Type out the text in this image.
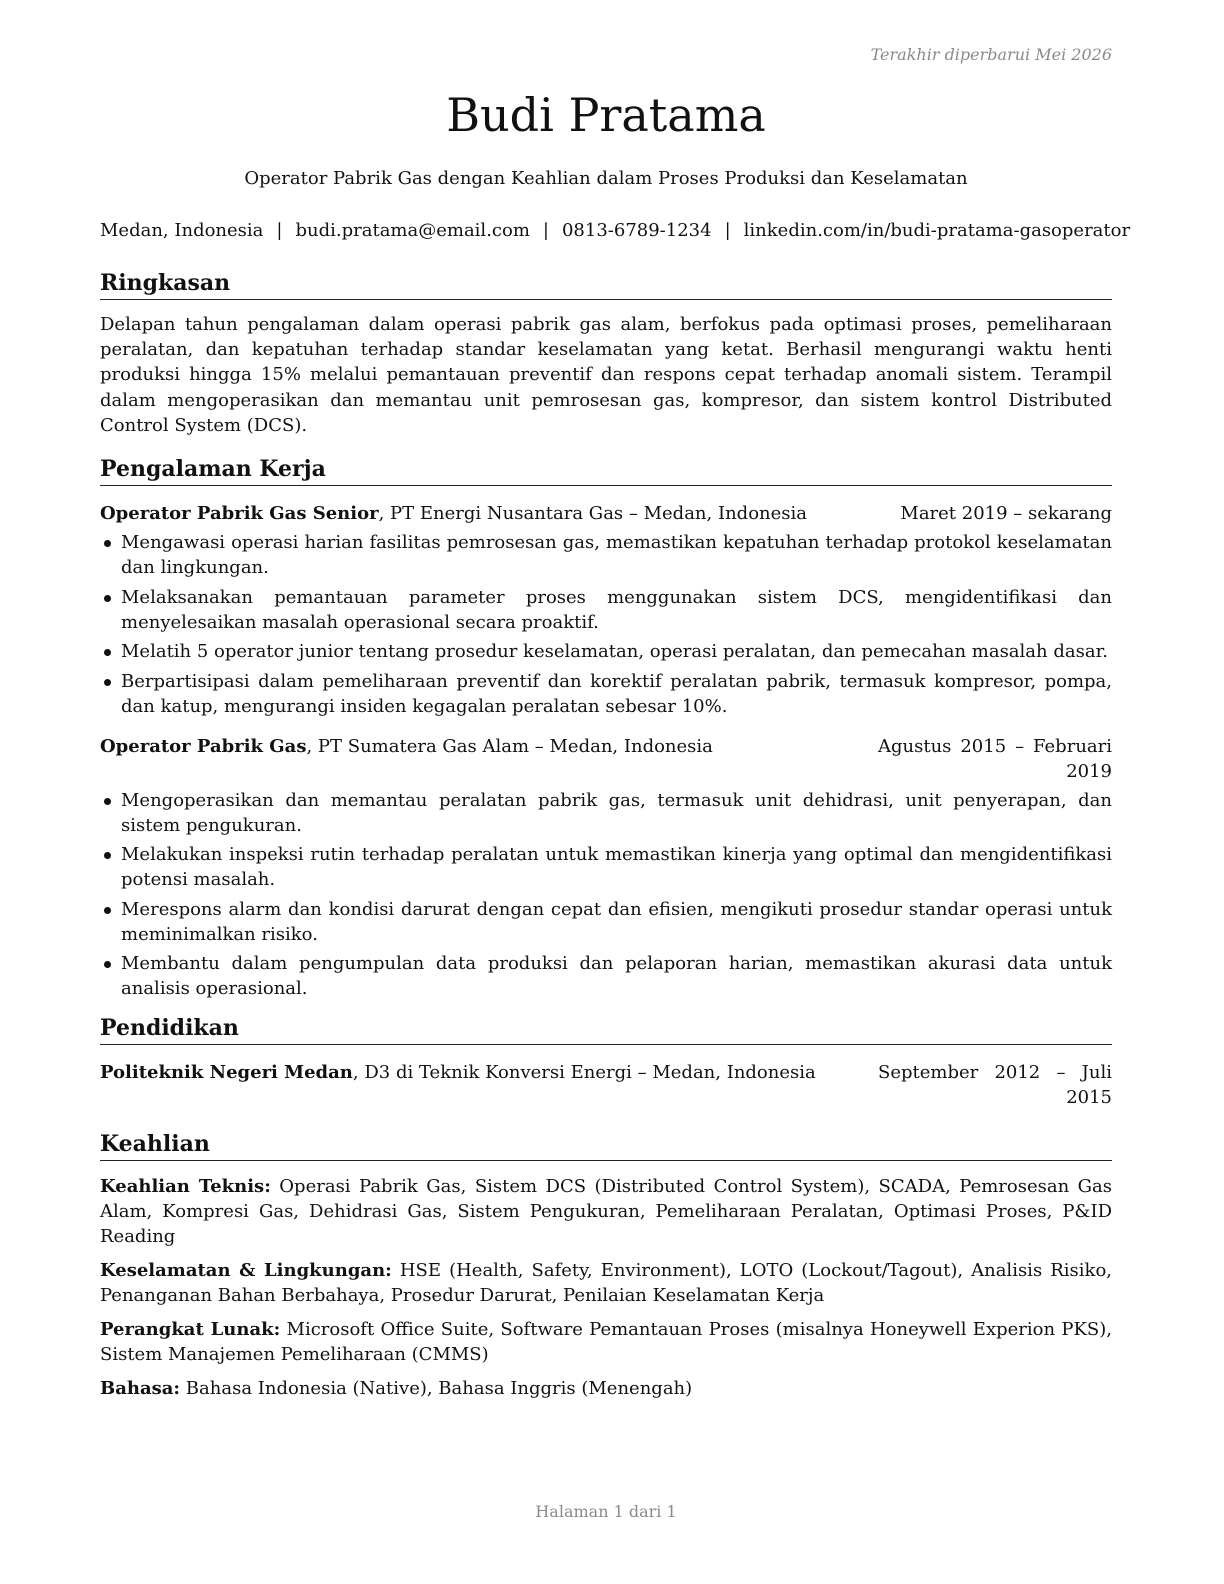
Terakhir diperbarui Mei 2026
Budi Pratama
Operator Pabrik Gas dengan Keahlian dalam Proses Produksi dan Keselamatan
Medan, Indonesia | budi.pratama@email.com | 0813-6789-1234 | linkedin.com/in/budi-pratama-gasoperator
Ringkasan

Delapan tahun pengalaman dalam operasi pabrik gas alam, berfokus pada optimasi proses, pemeliharaan peralatan, dan kepatuhan terhadap standar keselamatan yang ketat. Berhasil mengurangi waktu henti produksi hingga 15% melalui pemantauan preventif dan respons cepat terhadap anomali sistem. Terampil dalam mengoperasikan dan memantau unit pemrosesan gas, kompresor, dan sistem kontrol Distributed Control System (DCS).

Pengalaman Kerja
Operator Pabrik Gas Senior, PT Energi Nusantara Gas – Medan, Indonesia	Maret 2019 – sekarang
Mengawasi operasi harian fasilitas pemrosesan gas, memastikan kepatuhan terhadap protokol keselamatan dan lingkungan.
Melaksanakan pemantauan parameter proses menggunakan sistem DCS, mengidentifikasi dan menyelesaikan masalah operasional secara proaktif.
Melatih 5 operator junior tentang prosedur keselamatan, operasi peralatan, dan pemecahan masalah dasar.
Berpartisipasi dalam pemeliharaan preventif dan korektif peralatan pabrik, termasuk kompresor, pompa, dan katup, mengurangi insiden kegagalan peralatan sebesar 10%.
Operator Pabrik Gas, PT Sumatera Gas Alam – Medan, Indonesia	Agustus 2015 – Februari 2019
Mengoperasikan dan memantau peralatan pabrik gas, termasuk unit dehidrasi, unit penyerapan, dan sistem pengukuran.
Melakukan inspeksi rutin terhadap peralatan untuk memastikan kinerja yang optimal dan mengidentifikasi potensi masalah.
Merespons alarm dan kondisi darurat dengan cepat dan efisien, mengikuti prosedur standar operasi untuk meminimalkan risiko.
Membantu dalam pengumpulan data produksi dan pelaporan harian, memastikan akurasi data untuk analisis operasional.
Pendidikan
Politeknik Negeri Medan, D3 di Teknik Konversi Energi – Medan, Indonesia	September 2012 – Juli 2015
Keahlian
Keahlian Teknis: Operasi Pabrik Gas, Sistem DCS (Distributed Control System), SCADA, Pemrosesan Gas Alam, Kompresi Gas, Dehidrasi Gas, Sistem Pengukuran, Pemeliharaan Peralatan, Optimasi Proses, P&ID Reading
Keselamatan & Lingkungan: HSE (Health, Safety, Environment), LOTO (Lockout/Tagout), Analisis Risiko, Penanganan Bahan Berbahaya, Prosedur Darurat, Penilaian Keselamatan Kerja
Perangkat Lunak: Microsoft Office Suite, Software Pemantauan Proses (misalnya Honeywell Experion PKS), Sistem Manajemen Pemeliharaan (CMMS)
Bahasa: Bahasa Indonesia (Native), Bahasa Inggris (Menengah)
Halaman 1 dari 1
